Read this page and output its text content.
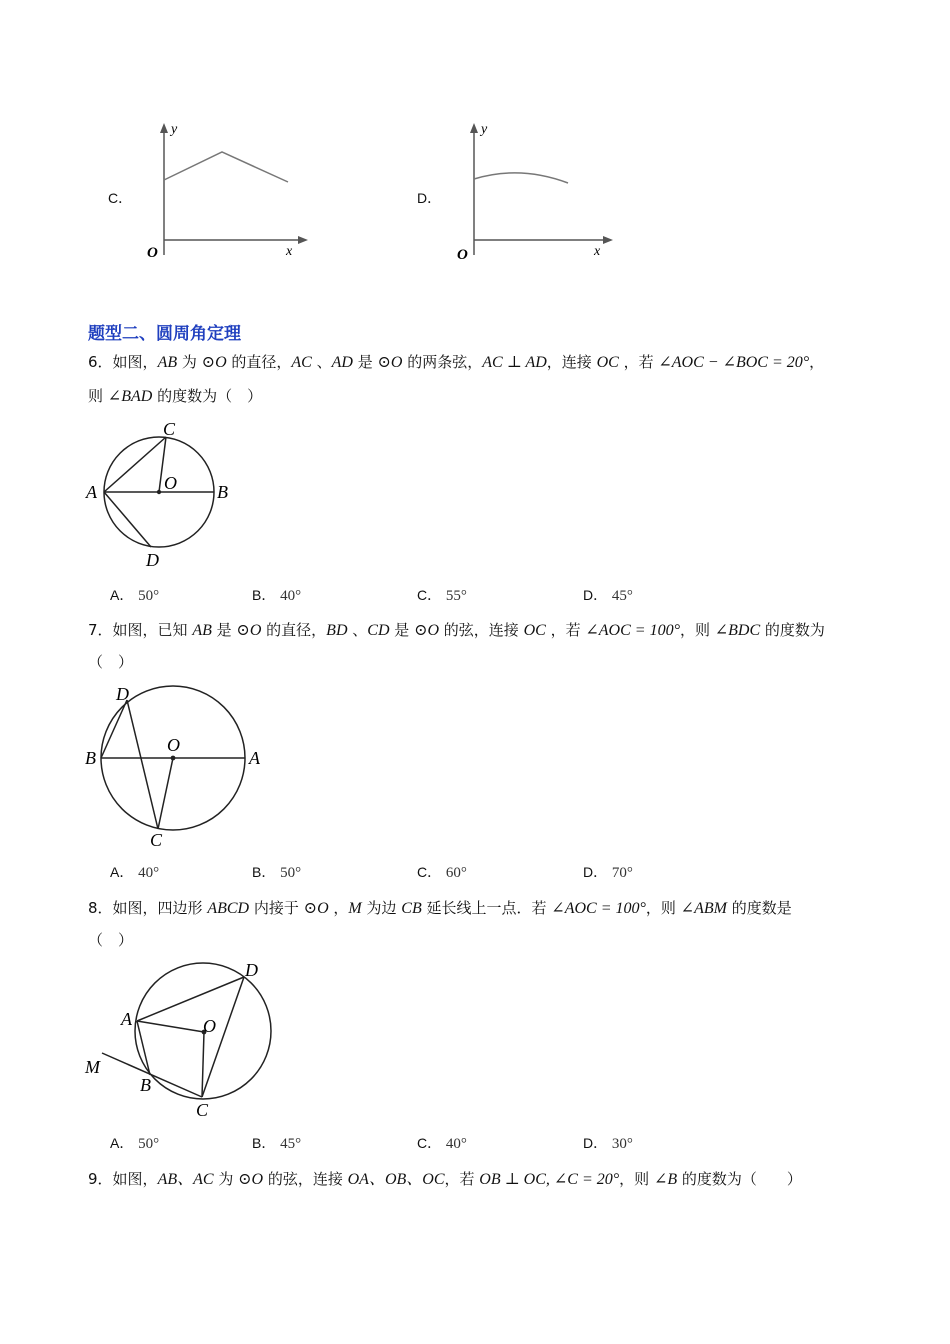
C．
y
x
O
D．
y
x
O
题型二、圆周角定理
6．如图，AB 为 ⊙O 的直径，AC 、AD 是 ⊙O 的两条弦，AC ⊥ AD，连接 OC ，若 ∠AOC − ∠BOC = 20°，
则 ∠BAD 的度数为（　）
C
O
A	B
D
A． 50°	B． 40°	C． 55°	D． 45°
7．如图，已知 AB 是 ⊙O 的直径，BD 、CD 是 ⊙O 的弦，连接 OC ，若 ∠AOC = 100°，则 ∠BDC 的度数为
（　）
D
O
B	A
C
A． 40°	B． 50°	C． 60°	D． 70°
8．如图，四边形 ABCD 内接于 ⊙O ，M 为边 CB 延长线上一点．若 ∠AOC = 100°，则 ∠ABM 的度数是
（　）
D
A	O
M
B
C
A． 50°	B． 45°	C． 40°	D． 30°
9．如图，AB、AC 为 ⊙O 的弦，连接 OA、OB、OC，若 OB ⊥ OC, ∠C = 20°，则 ∠B 的度数为（　　）
